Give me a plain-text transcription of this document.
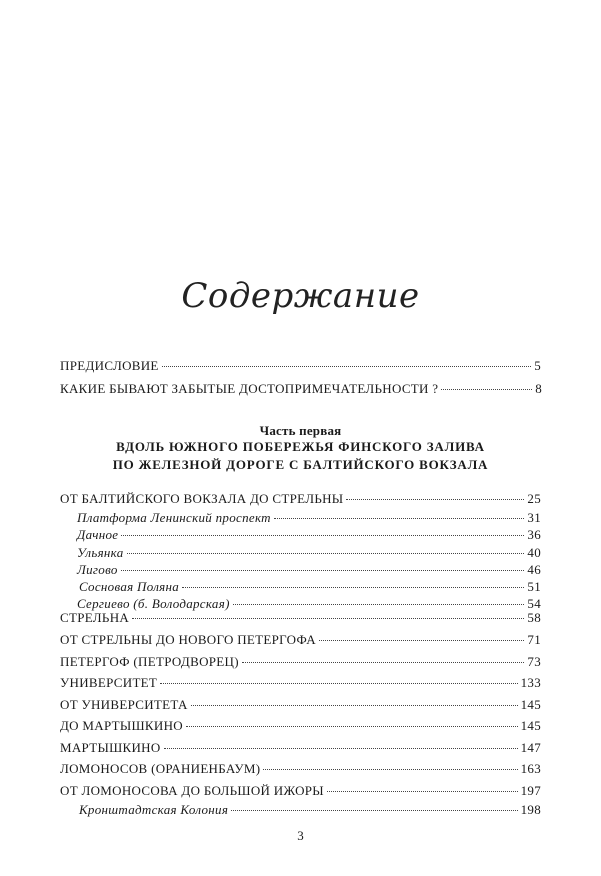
Содержание
ПРЕДИСЛОВИЕ	5
КАКИЕ БЫВАЮТ ЗАБЫТЫЕ ДОСТОПРИМЕЧАТЕЛЬНОСТИ ?	8
Часть первая
ВДОЛЬ ЮЖНОГО ПОБЕРЕЖЬЯ ФИНСКОГО ЗАЛИВА
ПО ЖЕЛЕЗНОЙ ДОРОГЕ С БАЛТИЙСКОГО ВОКЗАЛА
ОТ БАЛТИЙСКОГО ВОКЗАЛА ДО СТРЕЛЬНЫ	25
Платформа Ленинский проспект	31
Дачное	36
Ульянка	40
Лигово	46
Сосновая Поляна	51
Сергиево (б. Володарская)	54
СТРЕЛЬНА	58
ОТ СТРЕЛЬНЫ ДО НОВОГО ПЕТЕРГОФА	71
ПЕТЕРГОФ (ПЕТРОДВОРЕЦ)	73
УНИВЕРСИТЕТ	133
ОТ УНИВЕРСИТЕТА	145
ДО МАРТЫШКИНО	145
МАРТЫШКИНО	147
ЛОМОНОСОВ (ОРАНИЕНБАУМ)	163
ОТ ЛОМОНОСОВА ДО БОЛЬШОЙ ИЖОРЫ	197
Кронштадтская Колония	198
3
